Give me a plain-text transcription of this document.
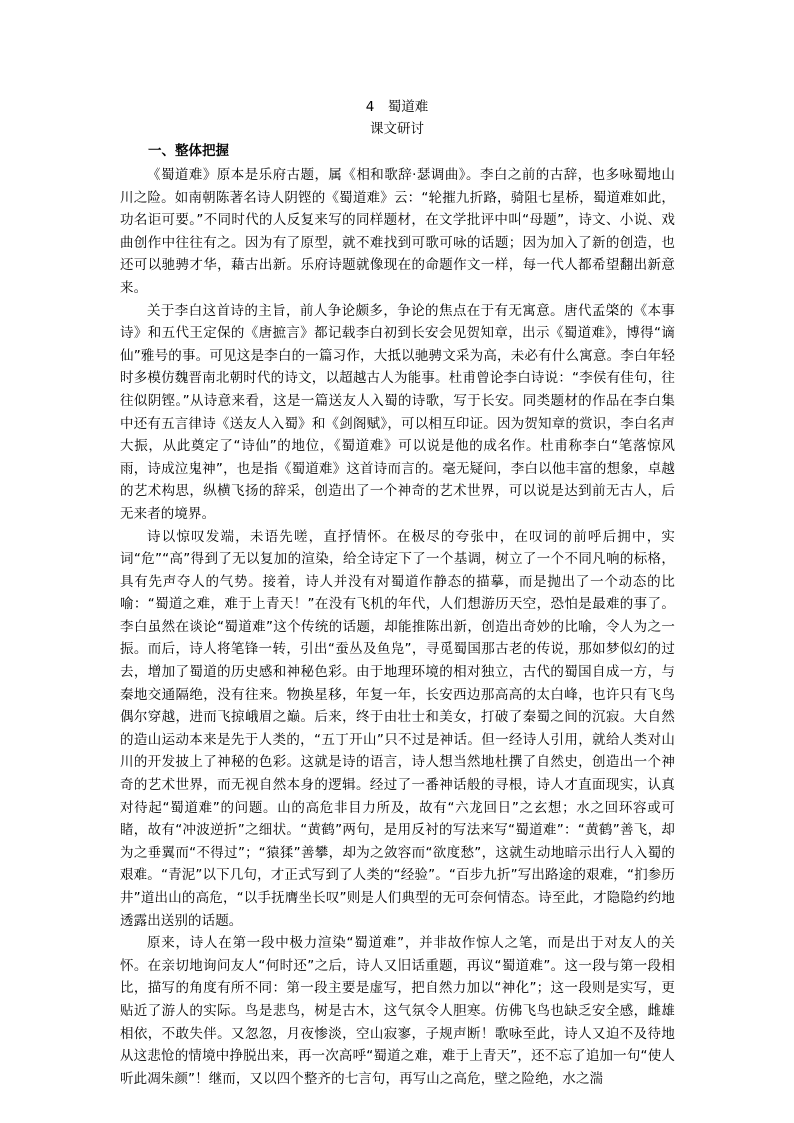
4　蜀道难
课文研讨
一、整体把握

《蜀道难》原本是乐府古题，属《相和歌辞·瑟调曲》。李白之前的古辞，也多咏蜀地山川之险。如南朝陈著名诗人阴铿的《蜀道难》云：“轮摧九折路，骑阻七星桥，蜀道难如此，功名讵可要。”不同时代的人反复来写的同样题材，在文学批评中叫“母题”，诗文、小说、戏曲创作中往往有之。因为有了原型，就不难找到可歌可咏的话题；因为加入了新的创造，也还可以驰骋才华，藉古出新。乐府诗题就像现在的命题作文一样，每一代人都希望翻出新意来。

关于李白这首诗的主旨，前人争论颇多，争论的焦点在于有无寓意。唐代孟棨的《本事诗》和五代王定保的《唐摭言》都记载李白初到长安会见贺知章，出示《蜀道难》，博得“谪仙”雅号的事。可见这是李白的一篇习作，大抵以驰骋文采为高，未必有什么寓意。李白年轻时多模仿魏晋南北朝时代的诗文，以超越古人为能事。杜甫曾论李白诗说：“李侯有佳句，往往似阴铿。”从诗意来看，这是一篇送友人入蜀的诗歌，写于长安。同类题材的作品在李白集中还有五言律诗《送友人入蜀》和《剑阁赋》，可以相互印证。因为贺知章的赏识，李白名声大振，从此奠定了“诗仙”的地位，《蜀道难》可以说是他的成名作。杜甫称李白“笔落惊风雨，诗成泣鬼神”，也是指《蜀道难》这首诗而言的。毫无疑问，李白以他丰富的想象，卓越的艺术构思，纵横飞扬的辞采，创造出了一个神奇的艺术世界，可以说是达到前无古人，后无来者的境界。

诗以惊叹发端，未语先嗟，直抒情怀。在极尽的夸张中，在叹词的前呼后拥中，实词“危”“高”得到了无以复加的渲染，给全诗定下了一个基调，树立了一个不同凡响的标格，具有先声夺人的气势。接着，诗人并没有对蜀道作静态的描摹，而是抛出了一个动态的比喻：“蜀道之难，难于上青天！”在没有飞机的年代，人们想游历天空，恐怕是最难的事了。李白虽然在谈论“蜀道难”这个传统的话题，却能推陈出新，创造出奇妙的比喻，令人为之一振。而后，诗人将笔锋一转，引出“蚕丛及鱼凫”，寻觅蜀国那古老的传说，那如梦似幻的过去，增加了蜀道的历史感和神秘色彩。由于地理环境的相对独立，古代的蜀国自成一方，与秦地交通隔绝，没有往来。物换星移，年复一年，长安西边那高高的太白峰，也许只有飞鸟偶尔穿越，进而飞掠峨眉之巅。后来，终于由壮士和美女，打破了秦蜀之间的沉寂。大自然的造山运动本来是先于人类的，“五丁开山”只不过是神话。但一经诗人引用，就给人类对山川的开发披上了神秘的色彩。这就是诗的语言，诗人想当然地杜撰了自然史，创造出一个神奇的艺术世界，而无视自然本身的逻辑。经过了一番神话般的寻根，诗人才直面现实，认真对待起“蜀道难”的问题。山的高危非目力所及，故有“六龙回日”之玄想；水之回环容或可睹，故有“冲波逆折”之细状。“黄鹤”两句，是用反衬的写法来写“蜀道难”：“黄鹤”善飞，却为之垂翼而“不得过”；“猿猱”善攀，却为之敛容而“欲度愁”，这就生动地暗示出行人入蜀的艰难。“青泥”以下几句，才正式写到了人类的“经验”。“百步九折”写出路途的艰难，“扪参历井”道出山的高危，“以手抚膺坐长叹”则是人们典型的无可奈何情态。诗至此，才隐隐约约地透露出送别的话题。

原来，诗人在第一段中极力渲染“蜀道难”，并非故作惊人之笔，而是出于对友人的关怀。在亲切地询问友人“何时还”之后，诗人又旧话重题，再议“蜀道难”。这一段与第一段相比，描写的角度有所不同：第一段主要是虚写，把自然力加以“神化”；这一段则是实写，更贴近了游人的实际。鸟是悲鸟，树是古木，这气氛令人胆寒。仿佛飞鸟也缺乏安全感，雌雄相依，不敢失伴。又忽忽，月夜惨淡，空山寂寥，子规声断！歌咏至此，诗人又迫不及待地从这悲怆的情境中挣脱出来，再一次高呼“蜀道之难，难于上青天”，还不忘了追加一句“使人听此凋朱颜”！继而，又以四个整齐的七言句，再写山之高危，壁之险绝，水之湍
